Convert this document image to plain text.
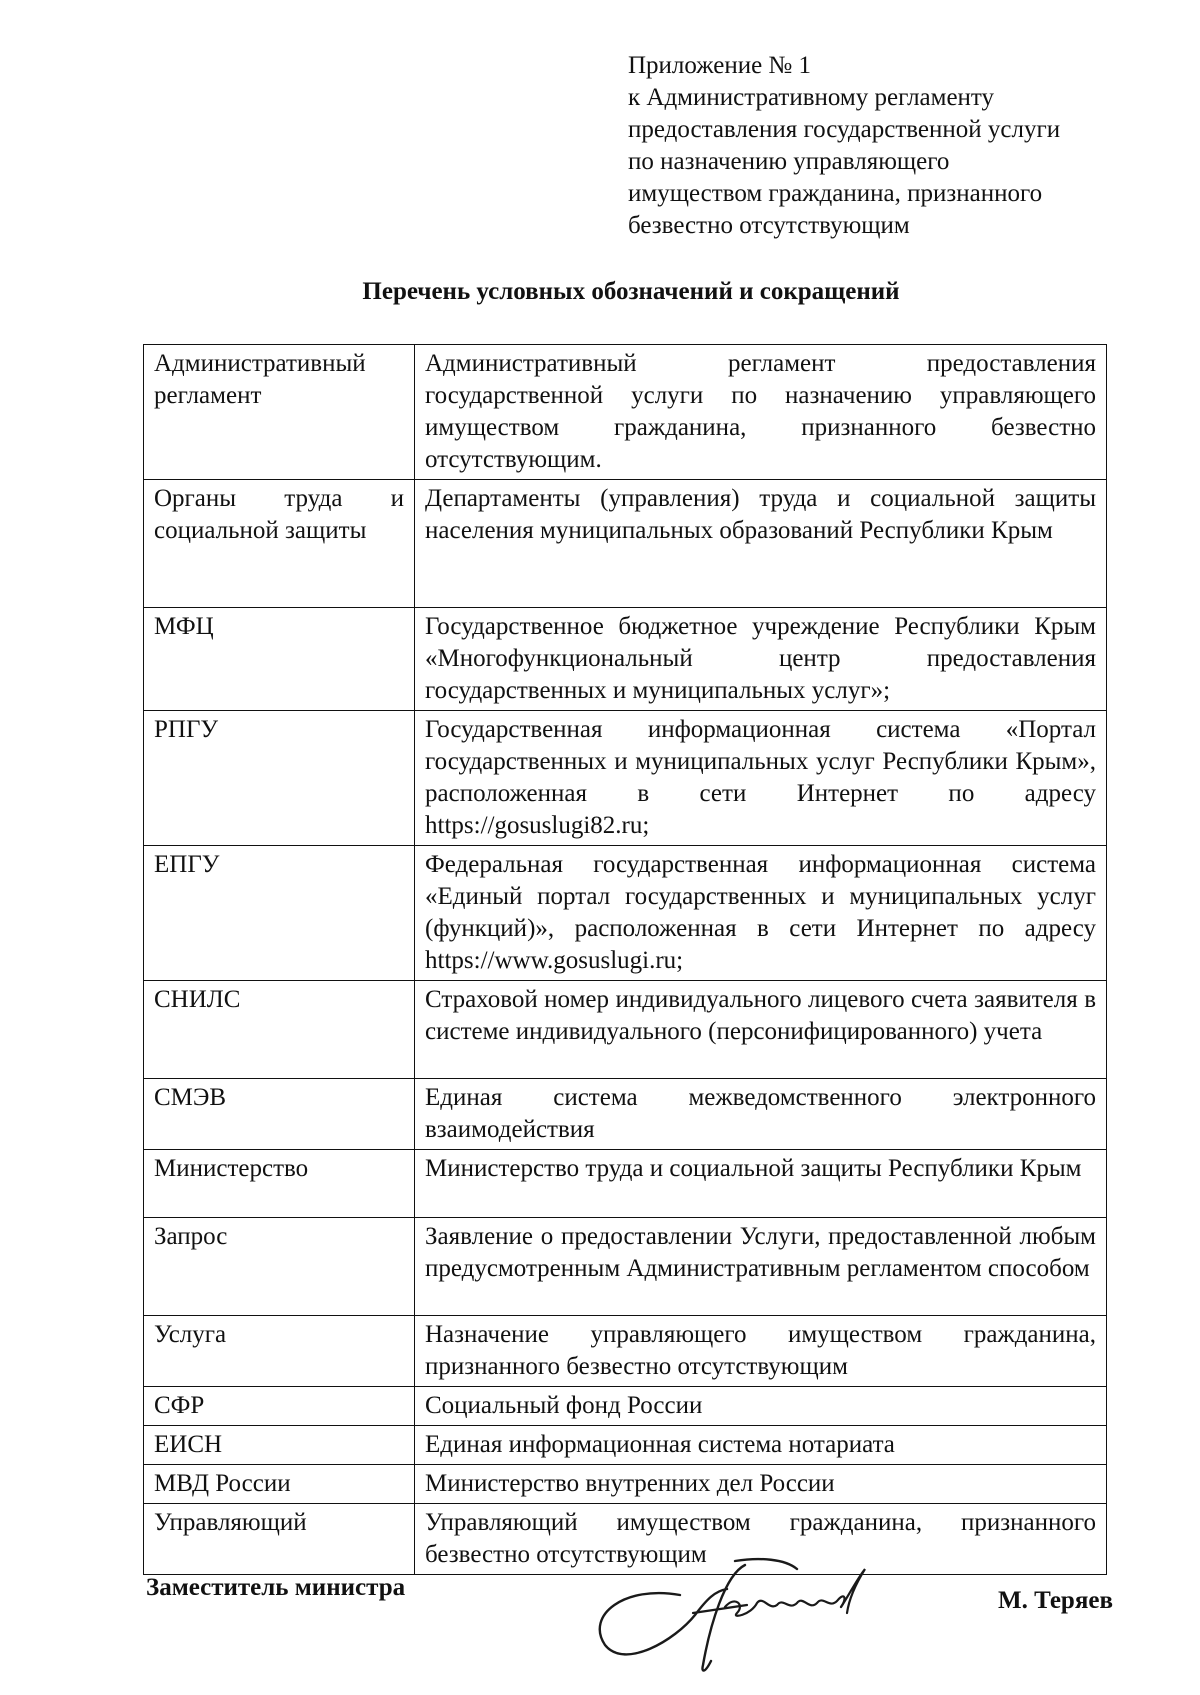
Приложение № 1
к Административному регламенту
предоставления государственной услуги
по назначению управляющего
имуществом гражданина, признанного
безвестно отсутствующим
Перечень условных обозначений и сокращений
Административный регламент	Административный регламент предоставления государственной услуги по назначению управляющего имуществом гражданина, признанного безвестно отсутствующим.
Органы труда и социальной защиты	Департаменты (управления) труда и социальной защиты населения муниципальных образований Республики Крым
МФЦ	Государственное бюджетное учреждение Республики Крым «Многофункциональный центр предоставления государственных и муниципальных услуг»;
РПГУ	Государственная информационная система «Портал государственных и муниципальных услуг Республики Крым», расположенная в сети Интернет по адресу https://gosuslugi82.ru;
ЕПГУ	Федеральная государственная информационная система «Единый портал государственных и муниципальных услуг (функций)», расположенная в сети Интернет по адресу https://www.gosuslugi.ru;
СНИЛС	Страховой номер индивидуального лицевого счета заявителя в системе индивидуального (персонифицированного) учета
СМЭВ	Единая система межведомственного электронного взаимодействия
Министерство	Министерство труда и социальной защиты Республики Крым
Запрос	Заявление о предоставлении Услуги, предоставленной любым предусмотренным Административным регламентом способом
Услуга	Назначение управляющего имуществом гражданина, признанного безвестно отсутствующим
СФР	Социальный фонд России
ЕИСН	Единая информационная система нотариата
МВД России	Министерство внутренних дел России
Управляющий	Управляющий имуществом гражданина, признанного безвестно отсутствующим
Заместитель министра	М. Теряев
